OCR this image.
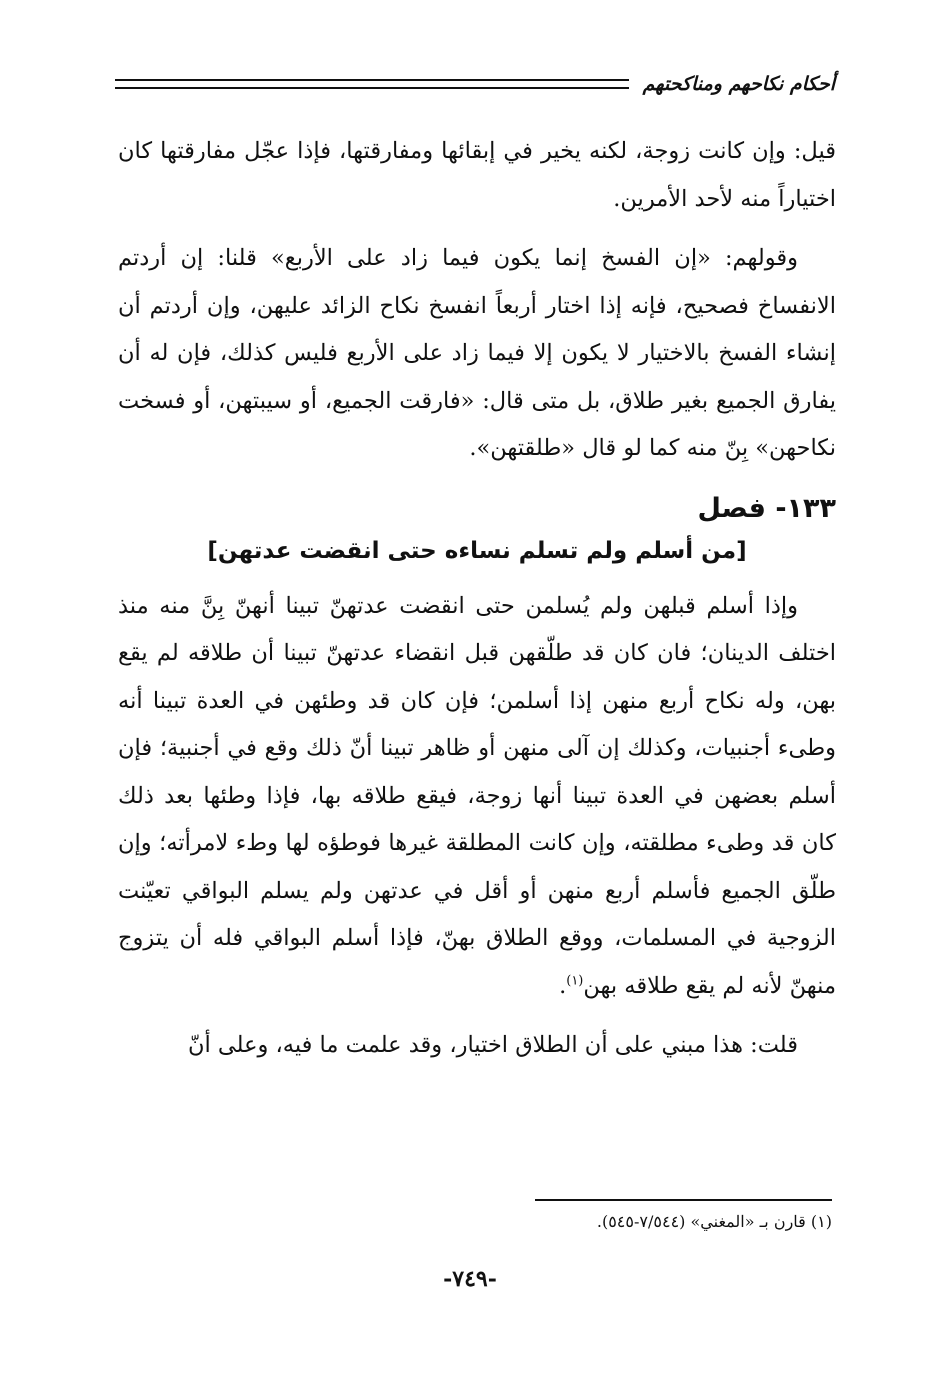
أحكام نكاحهم ومناكحتهم

قيل: وإن كانت زوجة، لكنه يخير في إبقائها ومفارقتها، فإذا عجّل مفارقتها كان اختياراً منه لأحد الأمرين.

وقولهم: «إن الفسخ إنما يكون فيما زاد على الأربع» قلنا: إن أردتم الانفساخ فصحيح، فإنه إذا اختار أربعاً انفسخ نكاح الزائد عليهن، وإن أردتم أن إنشاء الفسخ بالاختيار لا يكون إلا فيما زاد على الأربع فليس كذلك، فإن له أن يفارق الجميع بغير طلاق، بل متى قال: «فارقت الجميع، أو سيبتهن، أو فسخت نكاحهن» بِنّ منه كما لو قال «طلقتهن».

١٣٣- فصل
[من أسلم ولم تسلم نساءه حتى انقضت عدتهن]

وإذا أسلم قبلهن ولم يُسلمن حتى انقضت عدتهنّ تبينا أنهنّ بِنَّ منه منذ اختلف الدينان؛ فان كان قد طلّقهن قبل انقضاء عدتهنّ تبينا أن طلاقه لم يقع بهن، وله نكاح أربع منهن إذا أسلمن؛ فإن كان قد وطئهن في العدة تبينا أنه وطىء أجنبيات، وكذلك إن آلى منهن أو ظاهر تبينا أنّ ذلك وقع في أجنبية؛ فإن أسلم بعضهن في العدة تبينا أنها زوجة، فيقع طلاقه بها، فإذا وطئها بعد ذلك كان قد وطىء مطلقته، وإن كانت المطلقة غيرها فوطؤه لها وطء لامرأته؛ وإن طلّق الجميع فأسلم أربع منهن أو أقل في عدتهن ولم يسلم البواقي تعيّنت الزوجية في المسلمات، ووقع الطلاق بهنّ، فإذا أسلم البواقي فله أن يتزوج منهنّ لأنه لم يقع طلاقه بهن$^{(١)}$.

قلت: هذا مبني على أن الطلاق اختيار، وقد علمت ما فيه، وعلى أنّ

(١) قارن بـ «المغني» (٧/٥٤٤-٥٤٥).
-٧٤٩-
